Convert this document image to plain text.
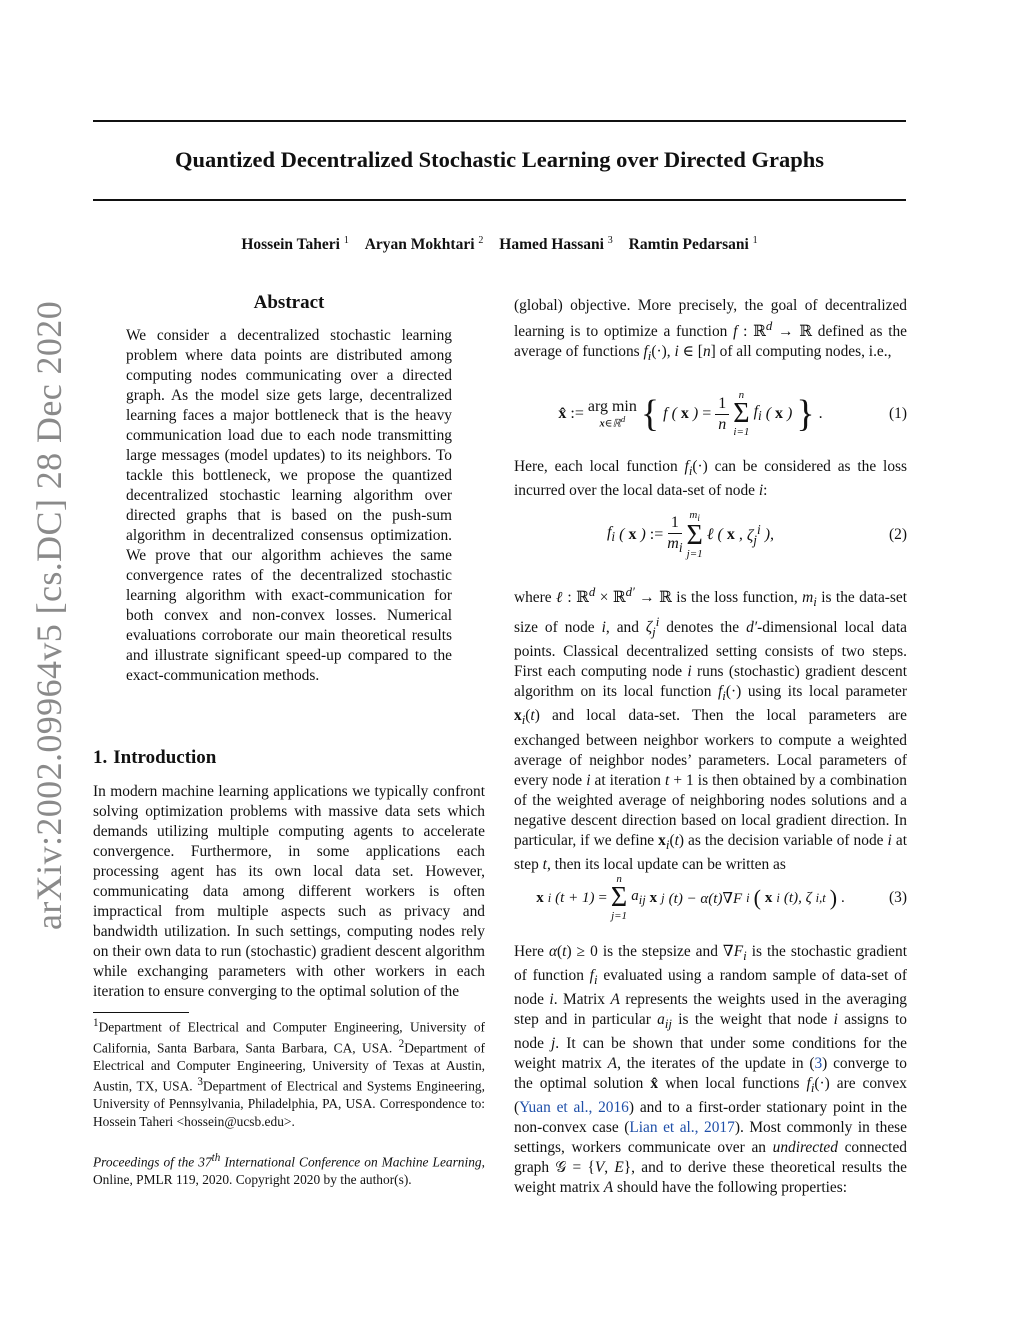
Quantized Decentralized Stochastic Learning over Directed Graphs
Hossein Taheri $^1$ Aryan Mokhtari $^2$ Hamed Hassani $^3$ Ramtin Pedarsani $^1$
arXiv:2002.09964v5 [cs.DC] 28 Dec 2020	Abstract
We consider a decentralized stochastic learning problem where data points are distributed among computing nodes communicating over a directed graph. As the model size gets large, decentralized learning faces a major bottleneck that is the heavy communication load due to each node transmitting large messages (model updates) to its neighbors. To tackle this bottleneck, we propose the quantized decentralized stochastic learning algorithm over directed graphs that is based on the push-sum algorithm in decentralized consensus optimization. We prove that our algorithm achieves the same convergence rates of the decentralized stochastic learning algorithm with exact-communication for both convex and non-convex losses. Numerical evaluations corroborate our main theoretical results and illustrate significant speed-up compared to the exact-communication methods.
1. Introduction
In modern machine learning applications we typically confront solving optimization problems with massive data sets which demands utilizing multiple computing agents to accelerate convergence. Furthermore, in some applications each processing agent has its own local data set. However, communicating data among different workers is often impractical from multiple aspects such as privacy and bandwidth utilization. In such settings, computing nodes rely on their own data to run (stochastic) gradient descent algorithm while exchanging parameters with other workers in each iteration to ensure converging to the optimal solution of the

$^1$Department of Electrical and Computer Engineering, University of California, Santa Barbara, Santa Barbara, CA, USA. $^2$Department of Electrical and Computer Engineering, University of Texas at Austin, Austin, TX, USA. $^3$Department of Electrical and Systems Engineering, University of Pennsylvania, Philadelphia, PA, USA. Correspondence to: Hossein Taheri <hossein@ucsb.edu>.

Proceedings of the 37th International Conference on Machine Learning, Online, PMLR 119, 2020. Copyright 2020 by the author(s).
(global) objective. More precisely, the goal of decentralized learning is to optimize a function f : ℝ$^d$ → ℝ defined as the average of functions $f_i(\cdot)$, i ∈ [n] of all computing nodes, i.e.,
x̂ := arg min
x∈ℝ$^d$ { f ( x ) = $\frac{1}{n}$
n
Σ
i=1
$f_i$ ( x ) } .	(1)
Here, each local function $f_i(\cdot)$ can be considered as the loss incurred over the local data-set of node i:
$f_i$ ( x ) := $\frac{1}{m_i}$
$m_i$
Σ
j=1
ℓ ( x , $\zeta_j^i$ ),	(2)
where ℓ : ℝ$^d$ × ℝ$^{d'}$ → ℝ is the loss function, $m_i$ is the data-set size of node i, and $\zeta_j^i$ denotes the d′-dimensional local data points. Classical decentralized setting consists of two steps. First each computing node i runs (stochastic) gradient descent algorithm on its local function $f_i(\cdot)$ using its local parameter $x_i(t)$ and local data-set. Then the local parameters are exchanged between neighbor workers to compute a weighted average of neighbor nodes’ parameters. Local parameters of every node i at iteration t + 1 is then obtained by a combination of the weighted average of neighboring nodes solutions and a negative descent direction based on local gradient direction. In particular, if we define $x_i(t)$ as the decision variable of node i at step t, then its local update can be written as
x i (t + 1) =
n
Σ
j=1
$a_{ij}$ x j (t) − α(t)∇F i ( x i (t), ζ i,t ) .	(3)
Here α(t) ≥ 0 is the stepsize and $\nabla F_i$ is the stochastic gradient of function $f_i$ evaluated using a random sample of data-set of node i. Matrix A represents the weights used in the averaging step and in particular $a_{ij}$ is the weight that node i assigns to node j. It can be shown that under some conditions for the weight matrix A, the iterates of the update in (3) converge to the optimal solution x̂ when local functions $f_i(\cdot)$ are convex (Yuan et al., 2016) and to a first-order stationary point in the non-convex case (Lian et al., 2017). Most commonly in these settings, workers communicate over an undirected connected graph 𝒢 = {V, E}, and to derive these theoretical results the weight matrix A should have the following properties:
